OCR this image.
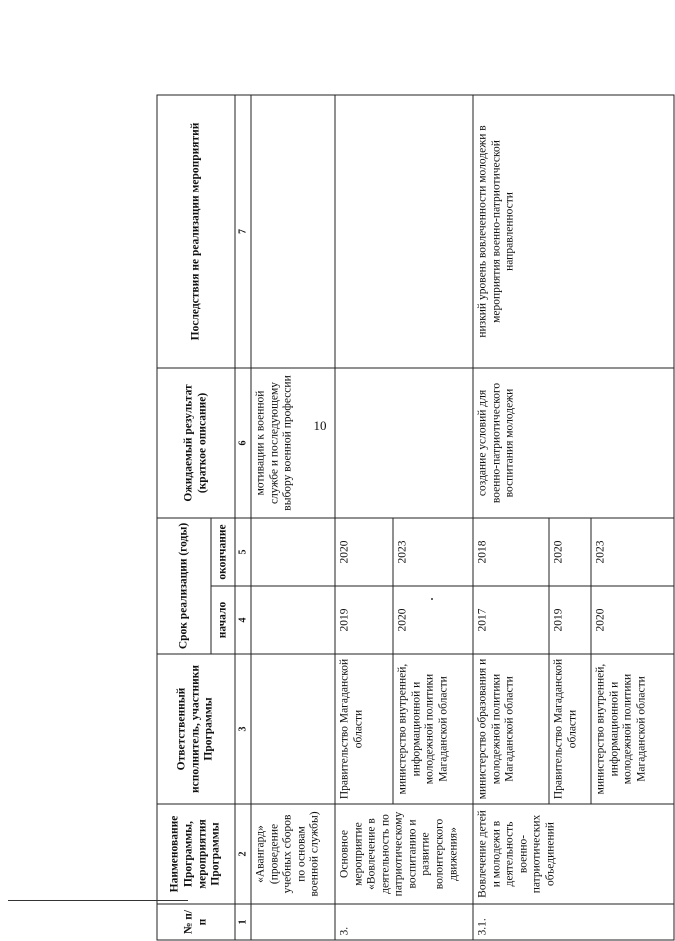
10
№ п/п	Наименование Программы, мероприятия Программы	Ответственный исполнитель, участники Программы	Срок реализации (годы)		Ожидаемый результат (краткое описание)	Последствия не реализации мероприятий
			начало	окончание		
1	2	3	4	5	6	7
	«Авангард» (проведение учебных сборов по основам военной службы)				мотивации к военной службе и последующему выбору военной профессии	
3.	Основное мероприятие «Вовлечение в деятельность по патриотическому воспитанию и развитие волонтерского движения»	Правительство Магаданской области	2019	2020		
		министерство внутренней, информационной и молодежной политики Магаданской области	2020	2023		
3.1.	Вовлечение детей и молодежи в деятельность военно-патриотических объединений	министерство образования и молодежной политики Магаданской области	2017	2018	создание условий для военно-патриотического воспитания молодежи	низкий уровень вовлеченности молодежи в мероприятия военно-патриотической направленности
		Правительство Магаданской области	2019	2020		
		министерство внутренней, информационной и молодежной политики Магаданской области	2020	2023		
